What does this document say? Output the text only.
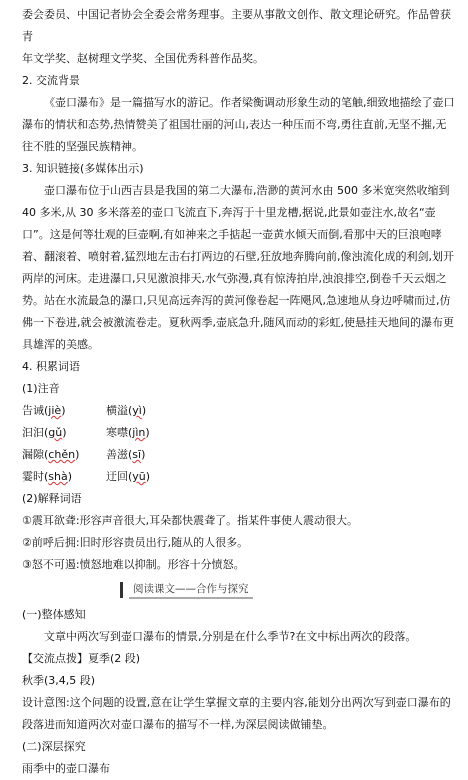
委会委员、中国记者协会全委会常务理事。主要从事散文创作、散文理论研究。作品曾获青

年文学奖、赵树理文学奖、全国优秀科普作品奖。

2. 交流背景

《壶口瀑布》是一篇描写水的游记。作者梁衡调动形象生动的笔触,细致地描绘了壶口瀑布的情状和态势,热情赞美了祖国壮丽的河山,表达一种压而不弯,勇往直前,无坚不摧,无往不胜的坚强民族精神。

3. 知识链接(多媒体出示)

壶口瀑布位于山西吉县是我国的第二大瀑布,浩渺的黄河水由 500 多米宽突然收缩到 40 多米,从 30 多米落差的壶口飞流直下,奔泻于十里龙槽,据说,此景如壶注水,故名“壶口”。这是何等壮观的巨壶啊,有如神来之手掂起一壶黄水倾天而倒,看那中天的巨浪咆哮着、翻滚着、喷射着,猛烈地左击右打两边的石壁,狂放地奔腾向前,像浊流化成的利剑,划开两岸的河床。走进瀑口,只见激浪排天,水气弥漫,真有惊涛拍岸,浊浪排空,倒卷千天云烟之势。站在水流最急的瀑口,只见高远奔泻的黄河像卷起一阵飓风,急速地从身边呼啸而过,仿佛一下卷进,就会被激流卷走。夏秋两季,壶底急升,随风而动的彩虹,使悬挂天地间的瀑布更具雄浑的美感。

4. 积累词语

(1)注音

告诫(jiè)	横溢(yì)
汩汩(gǔ)	寒噤(jìn)
漏隙(chěn)	善滋(sī)
霎时(shà)	迂回(yū)

(2)解释词语

①震耳欲聋:形容声音很大,耳朵都快震聋了。指某件事使人震动很大。

②前呼后拥:旧时形容贵员出行,随从的人很多。

③怒不可遏:愤怒地难以抑制。形容十分愤怒。

阅读课文——合作与探究

(一)整体感知

文章中两次写到壶口瀑布的情景,分别是在什么季节?在文中标出两次的段落。

【交流点拨】夏季(2 段)

秋季(3,4,5 段)

设计意图:这个问题的设置,意在让学生掌握文章的主要内容,能划分出两次写到壶口瀑布的段落进而知道两次对壶口瀑布的描写不一样,为深层阅读做铺垫。

(二)深层探究

雨季中的壶口瀑布
